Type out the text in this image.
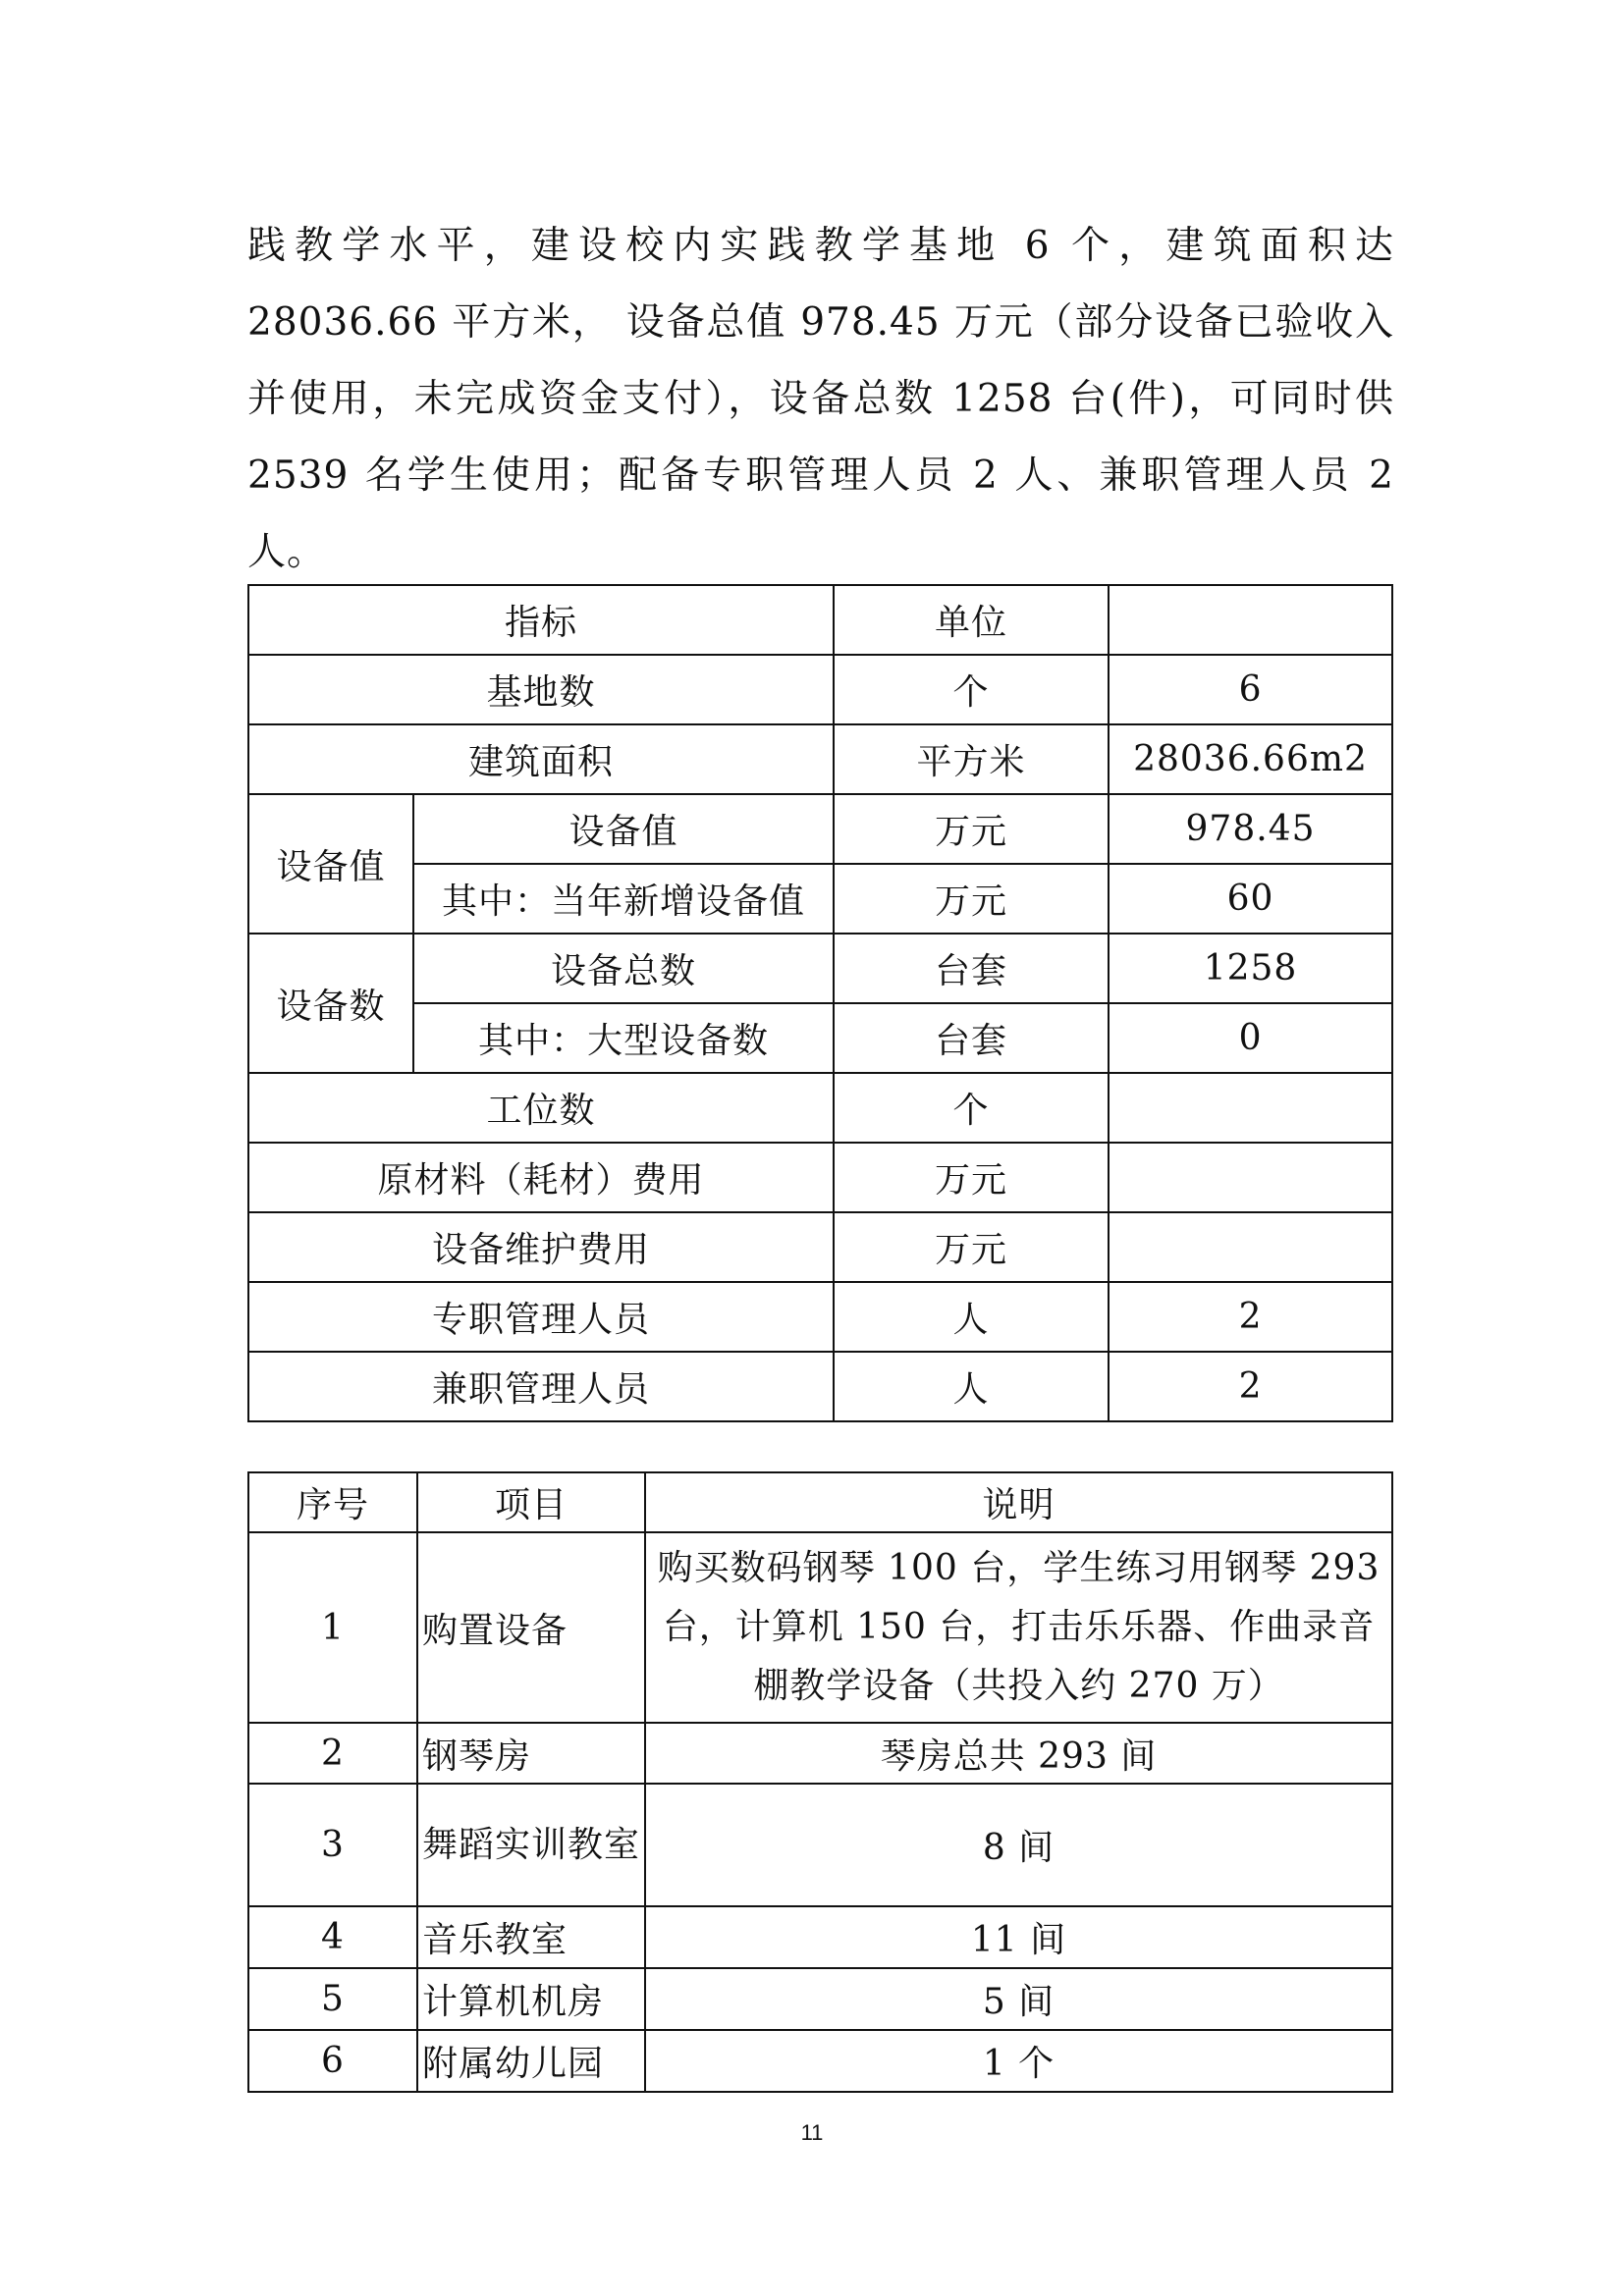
践教学水平，建设校内实践教学基地 6 个，建筑面积达 28036.66 平方米， 设备总值 978.45 万元（部分设备已验收入并使用，未完成资金支付），设备总数 1258 台(件)，可同时供 2539 名学生使用；配备专职管理人员 2 人、兼职管理人员 2 人。

指标		单位	
基地数		个	6
建筑面积		平方米	28036.66m2
设备值	设备值	万元	978.45
	其中：当年新增设备值	万元	60
设备数	设备总数	台套	1258
	其中：大型设备数	台套	0
工位数		个	
原材料（耗材）费用		万元	
设备维护费用		万元	
专职管理人员		人	2
兼职管理人员		人	2
序号	项目	说明
1	购置设备	购买数码钢琴 100 台，学生练习用钢琴 293 台，计算机 150 台，打击乐乐器、作曲录音棚教学设备（共投入约 270 万）
2	钢琴房	琴房总共 293 间
3	舞蹈实训教室	8 间
4	音乐教室	11 间
5	计算机机房	5 间
6	附属幼儿园	1 个
11
